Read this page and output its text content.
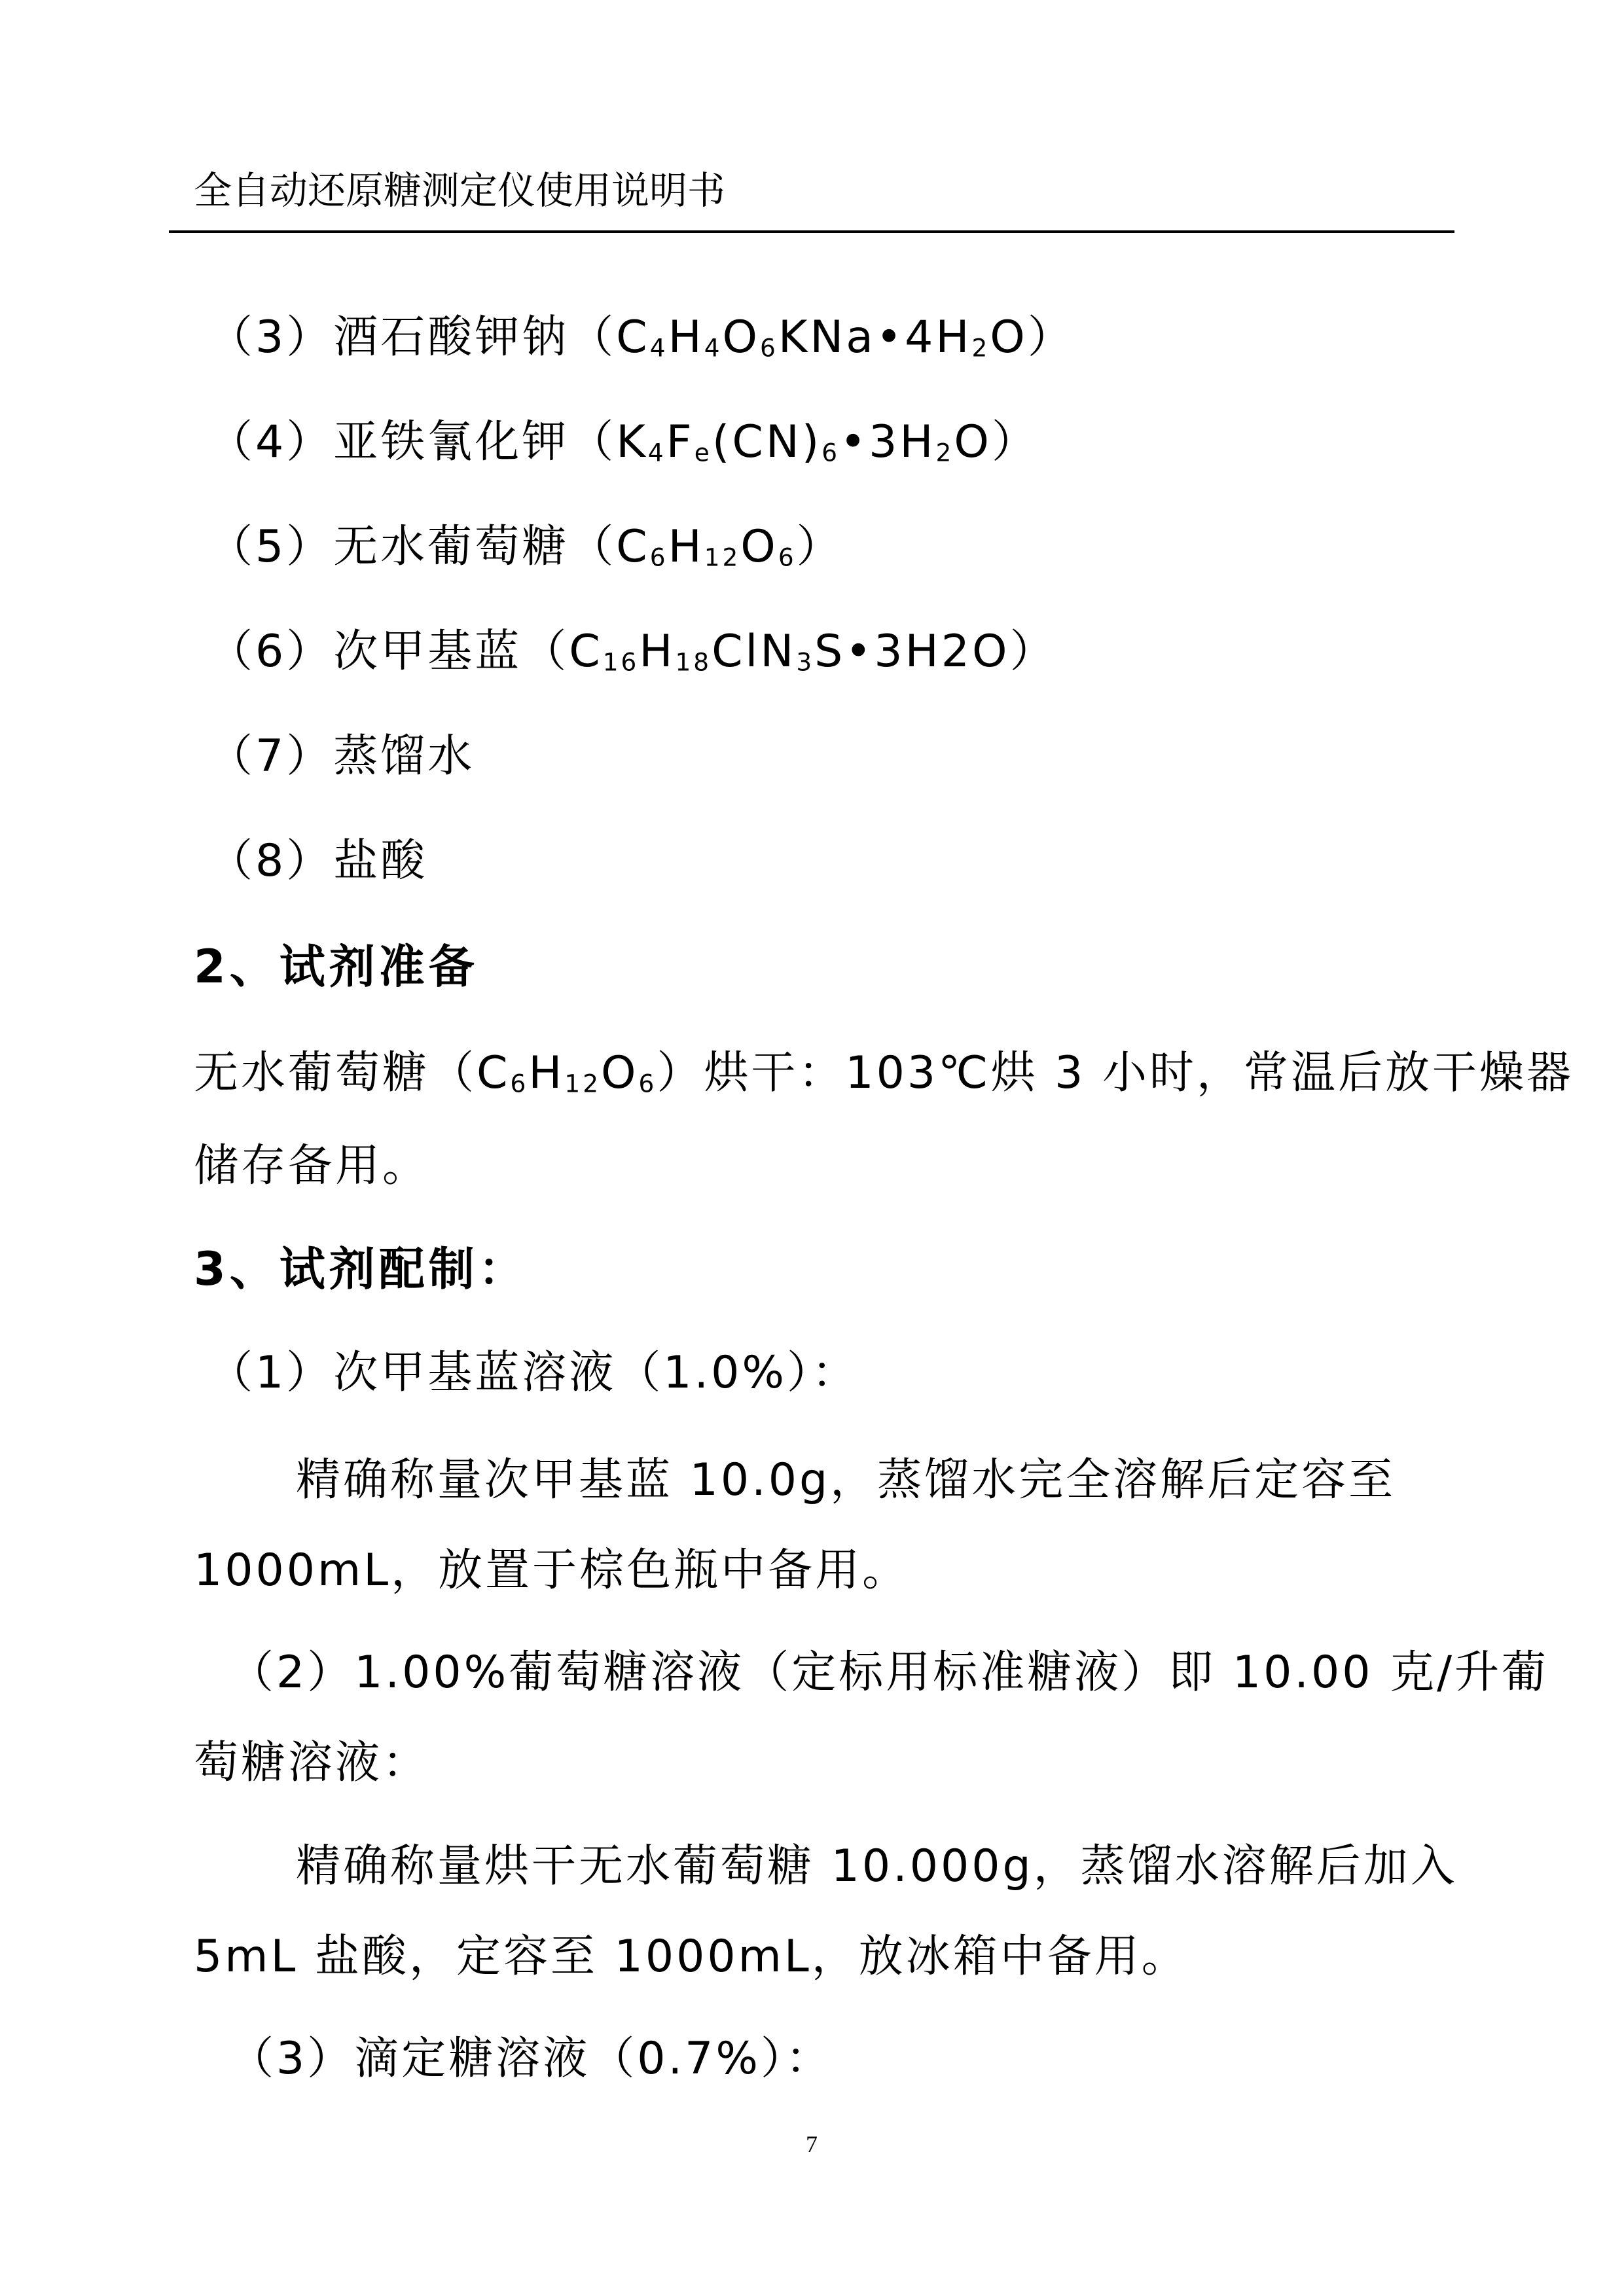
全自动还原糖测定仪使用说明书
（3）酒石酸钾钠$(C_4H_4O_6KNa•4H_2O)$
（4）亚铁氰化钾$(K_4F_e(CN)_6•3H_2O)$
（5）无水葡萄糖$(C_6H_{12}O_6)$
（6）次甲基蓝$(C_{16}H_{18}ClN_3S•3H2O)$
（7）蒸馏水
（8）盐酸
2、试剂准备
无水葡萄糖$(C_6H_{12}O_6)$烘干：103℃烘 3 小时，常温后放干燥器
储存备用。
3、试剂配制：
（1）次甲基蓝溶液（1.0%）：
精确称量次甲基蓝 10.0g，蒸馏水完全溶解后定容至
1000mL，放置于棕色瓶中备用。
（2）1.00%葡萄糖溶液（定标用标准糖液）即 10.00 克/升葡
萄糖溶液：
精确称量烘干无水葡萄糖 10.000g，蒸馏水溶解后加入
5mL 盐酸，定容至 1000mL，放冰箱中备用。
（3）滴定糖溶液（0.7%）：
7
